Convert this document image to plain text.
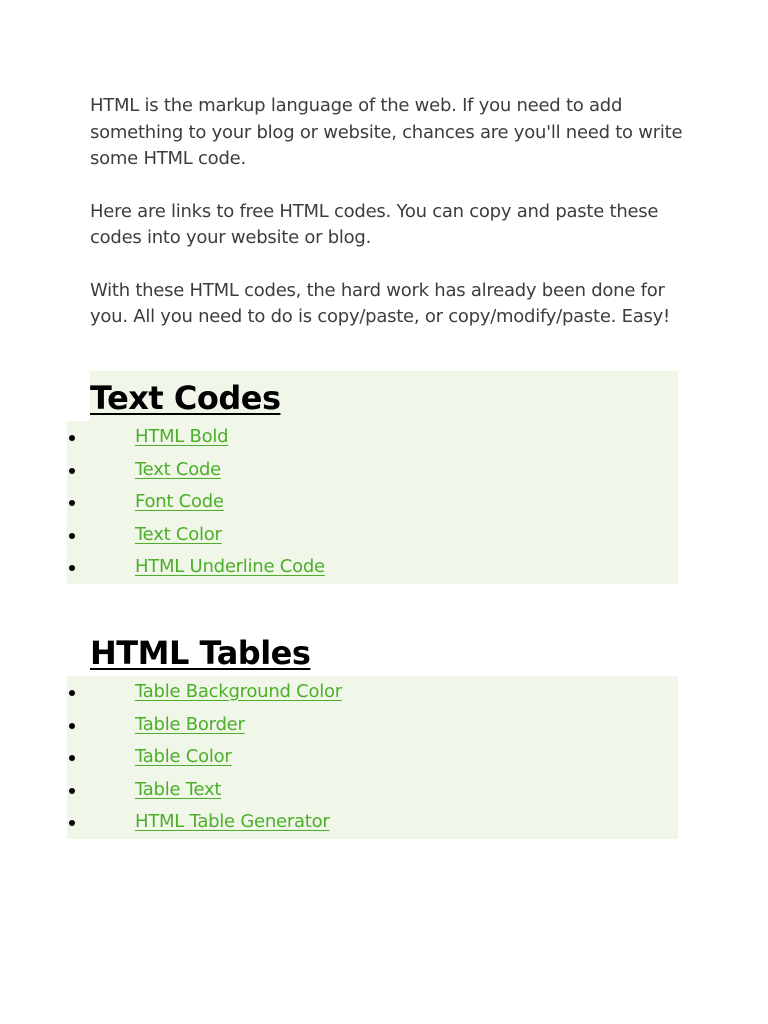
HTML is the markup language of the web. If you need to add something to your blog or website, chances are you'll need to write some HTML code.

Here are links to free HTML codes. You can copy and paste these codes into your website or blog.

With these HTML codes, the hard work has already been done for you. All you need to do is copy/paste, or copy/modify/paste. Easy!

Text Codes
HTML Bold
Text Code
Font Code
Text Color
HTML Underline Code
HTML Tables
Table Background Color
Table Border
Table Color
Table Text
HTML Table Generator
